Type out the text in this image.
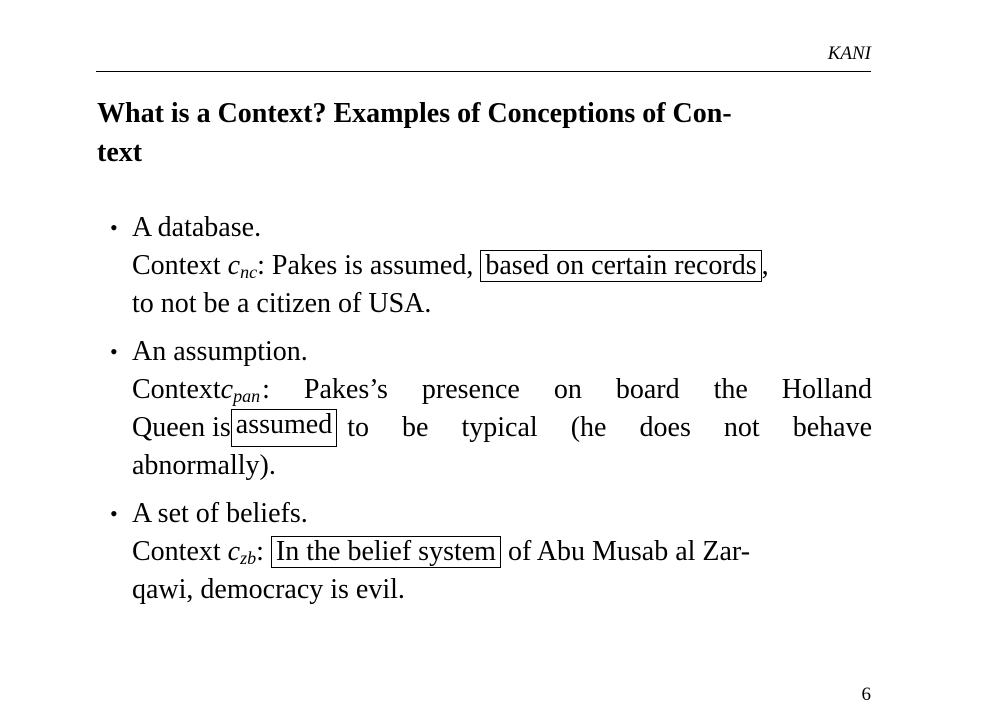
KANI
What is a Context? Examples of Conceptions of Con-
text
• A database.
Context $c_{nc}$: Pakes is assumed, based on certain records ,
to not be a citizen of USA.
• An assumption.
Context $c_{pan}$ : Pakes’s presence on board the Holland
Queen is assumed to be typical (he does not behave
abnormally).
• A set of beliefs.
Context $c_{zb}$: In the belief system of Abu Musab al Zar-
qawi, democracy is evil.
6
